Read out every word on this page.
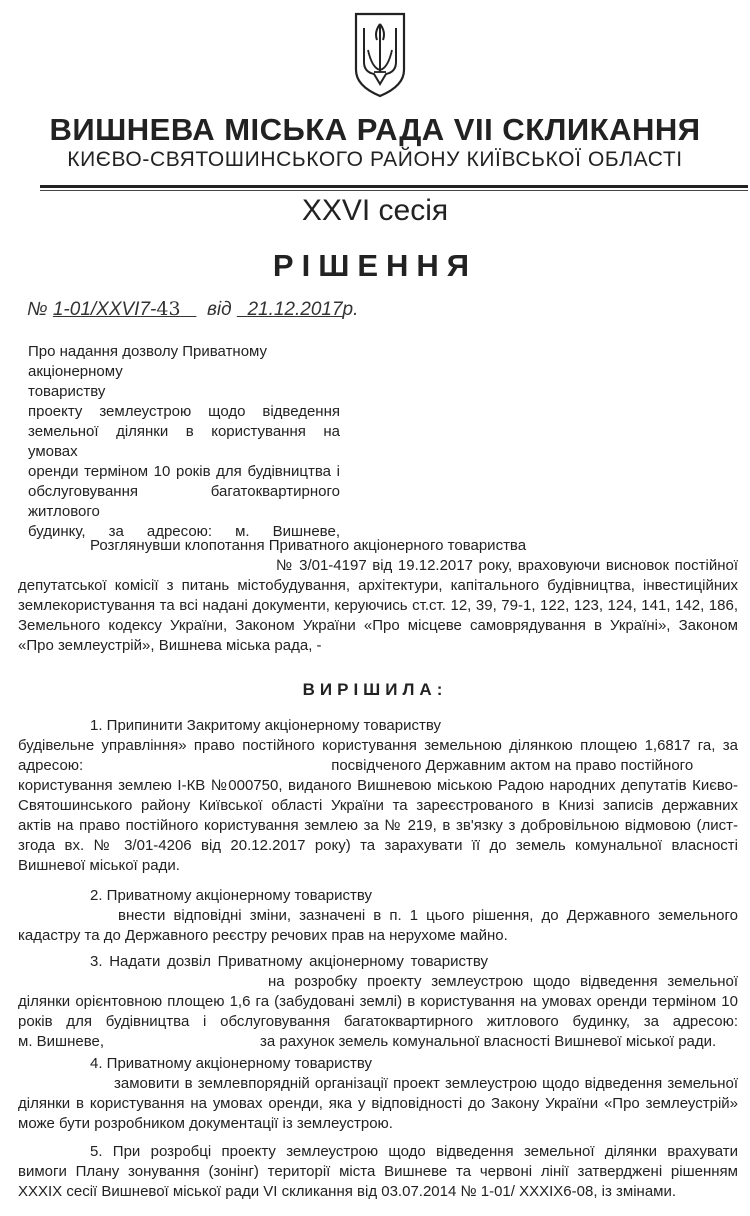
ВИШНЕВА МІСЬКА РАДА VII СКЛИКАННЯ
КИЄВО-СВЯТОШИНСЬКОГО РАЙОНУ КИЇВСЬКОЇ ОБЛАСТІ
XXVI сесія
РІШЕННЯ
№ 1-01/XXVI7-43 від 21.12.2017р.
Про надання дозволу Приватному акціонерному
товариству
проекту землеустрою щодо відведення
земельної ділянки в користування на умовах
оренди терміном 10 років для будівництва і
обслуговування багатоквартирного житлового
будинку, за адресою: м. Вишневе,
Розглянувши клопотання Приватного акціонерного товариства
№ 3/01-4197 від 19.12.2017 року, враховуючи висновок постійної
депутатської комісії з питань містобудування, архітектури, капітального будівництва, інвестиційних
землекористування та всі надані документи, керуючись ст.ст. 12, 39, 79-1, 122, 123, 124, 141, 142, 186,
Земельного кодексу України, Законом України «Про місцеве самоврядування в Україні», Законом
«Про землеустрій», Вишнева міська рада, -
ВИРІШИЛА:
1. Припинити Закритому акціонерному товариству
будівельне управління» право постійного користування земельною ділянкою площею 1,6817 га, за
адресою:	посвідченого Державним актом на право постійного
користування землею І-КВ №000750, виданого Вишневою міською Радою народних депутатів Києво-
Святошинського району Київської області України та зареєстрованого в Книзі записів державних
актів на право постійного користування землею за № 219, в зв'язку з добровільною відмовою (лист-
згода вх. № 3/01-4206 від 20.12.2017 року) та зарахувати її до земель комунальної власності
Вишневої міської ради.
2. Приватному акціонерному товариству
внести відповідні зміни, зазначені в п. 1 цього рішення, до Державного земельного
кадастру та до Державного реєстру речових прав на нерухоме майно.
3. Надати дозвіл Приватному акціонерному товариству
на розробку проекту землеустрою щодо відведення земельної
ділянки орієнтовною площею 1,6 га (забудовані землі) в користування на умовах оренди терміном 10
років для будівництва і обслуговування багатоквартирного житлового будинку, за адресою:
м. Вишневе,	за рахунок земель комунальної власності Вишневої міської ради.
4. Приватному акціонерному товариству
замовити в землевпорядній організації проект землеустрою щодо відведення земельної
ділянки в користування на умовах оренди, яка у відповідності до Закону України «Про землеустрій»
може бути розробником документації із землеустрою.
5. При розробці проекту землеустрою щодо відведення земельної ділянки врахувати
вимоги Плану зонування (зонінг) території міста Вишневе та червоні лінії затверджені рішенням
XXXIX сесії Вишневої міської ради VI скликання від 03.07.2014 № 1-01/ XXXIX6-08, із змінами.
